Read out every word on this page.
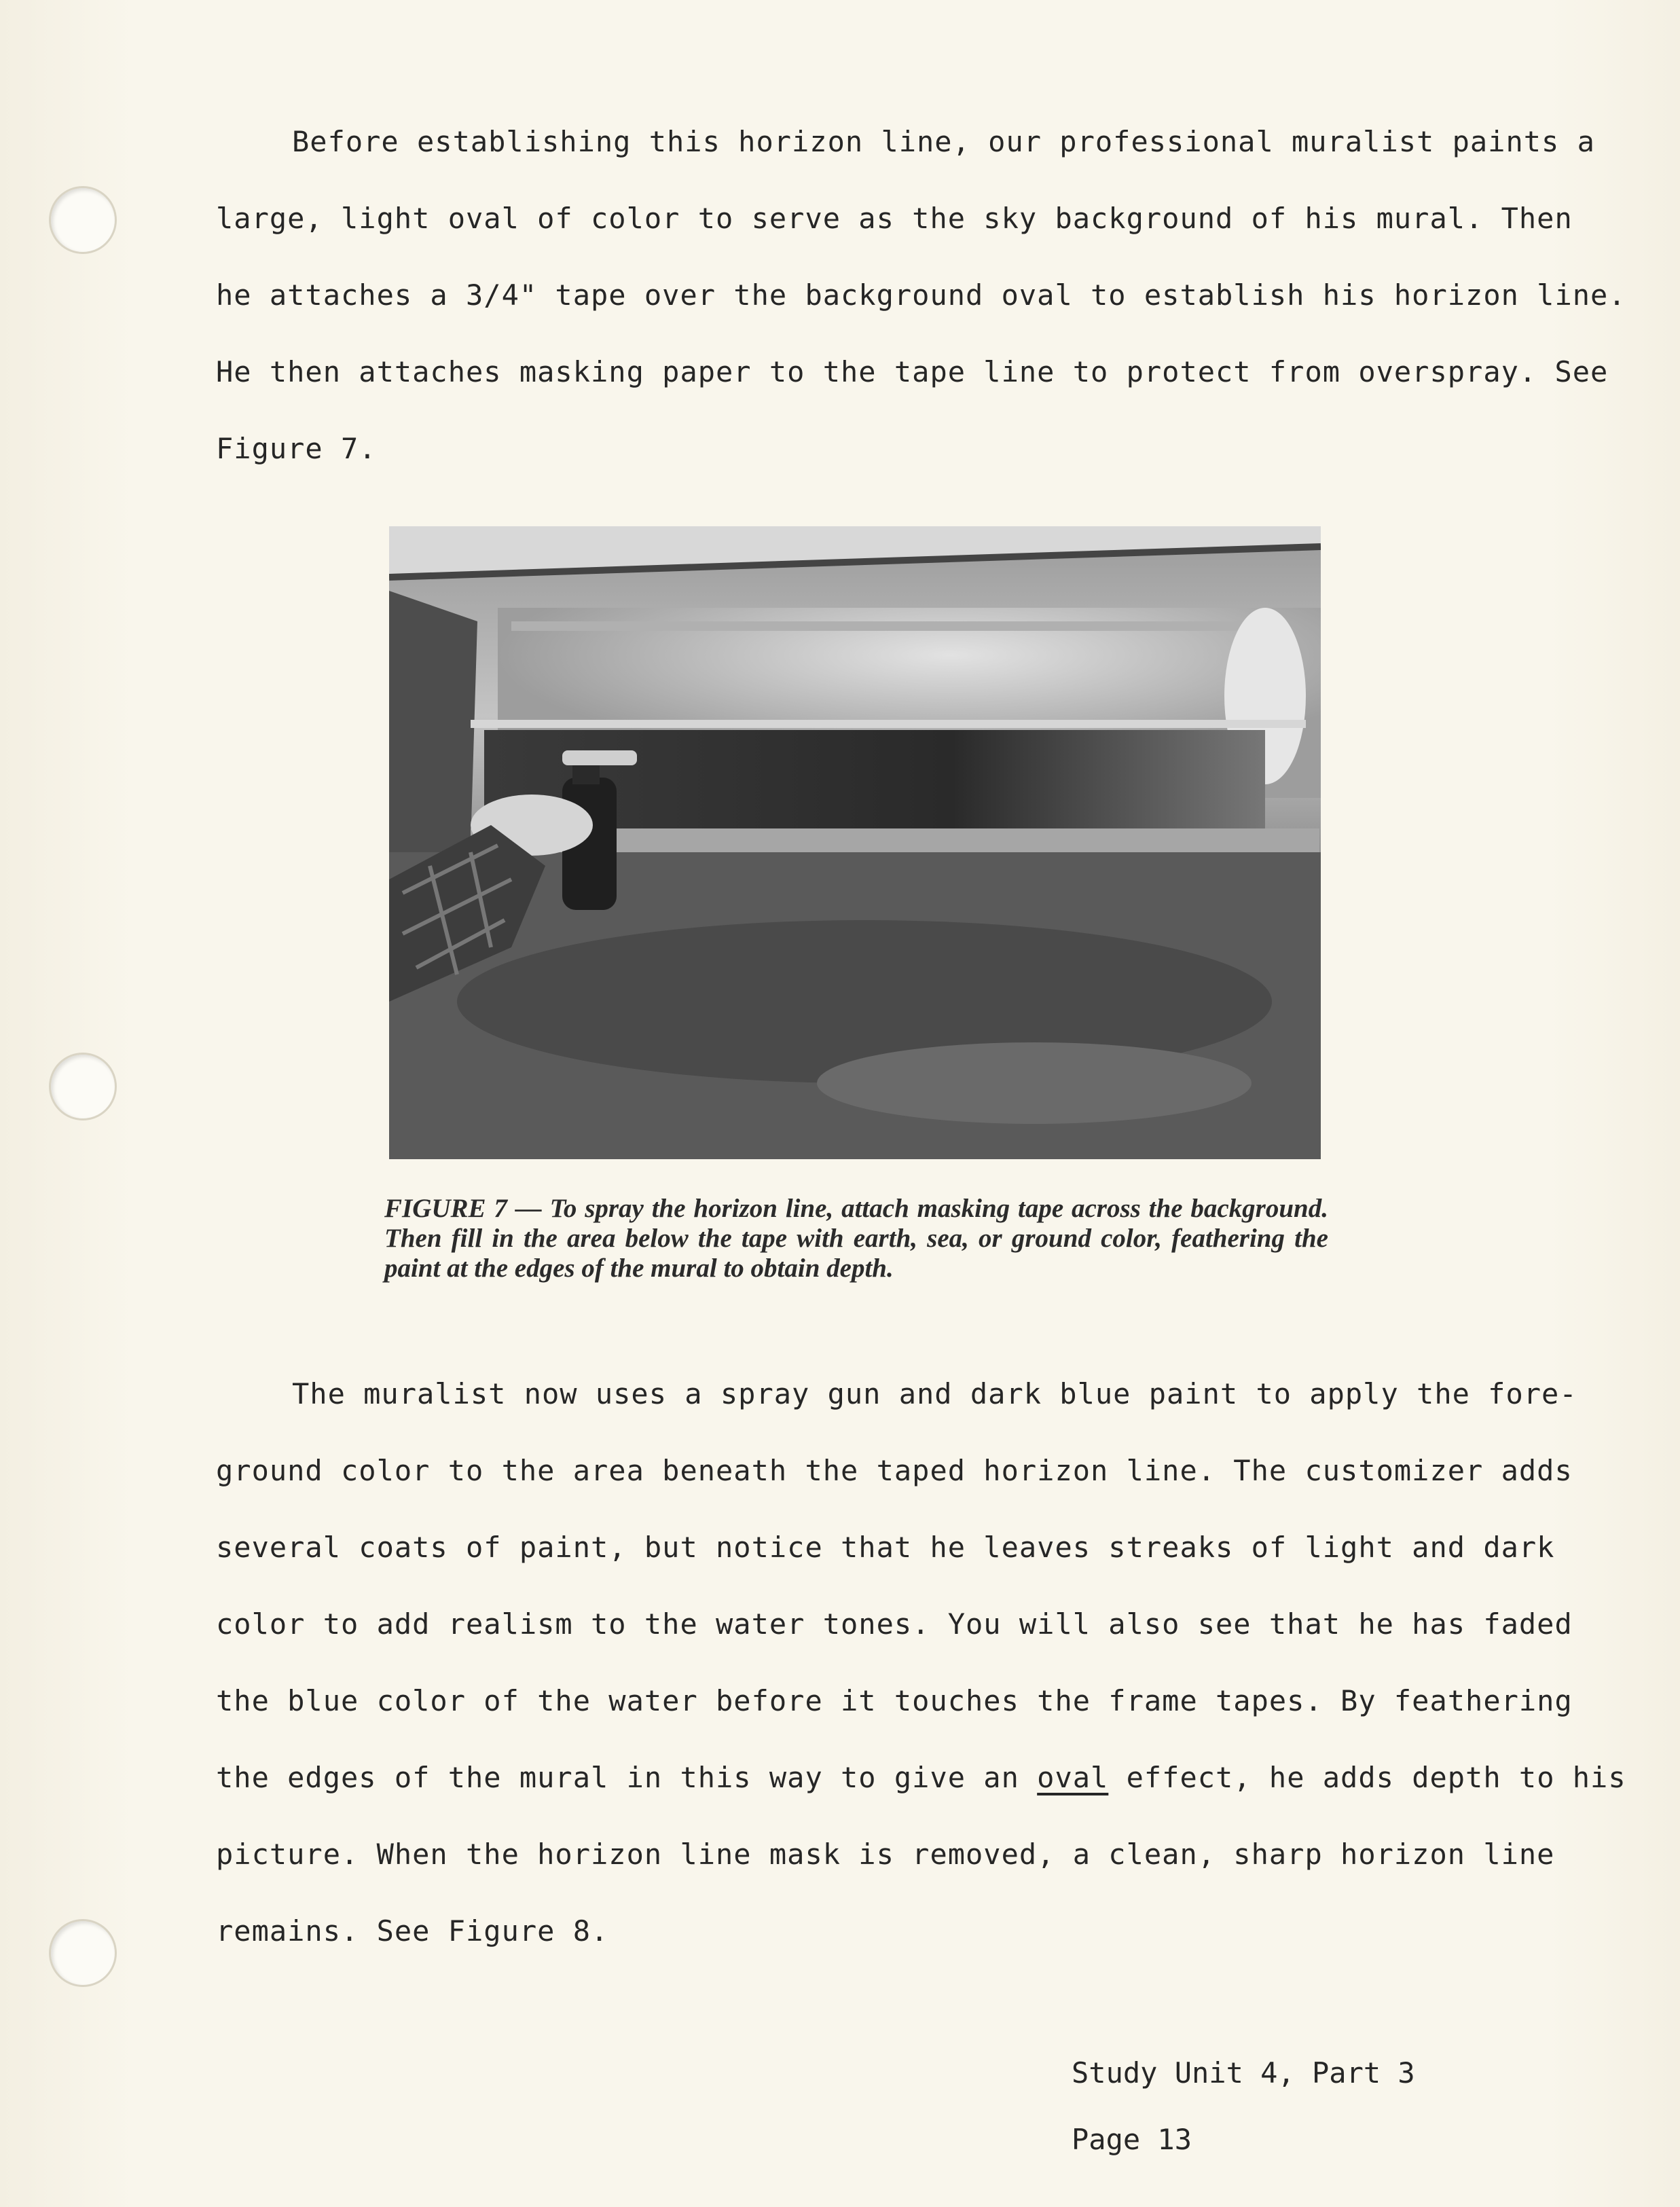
Before establishing this horizon line, our professional muralist paints a
large, light oval of color to serve as the sky background of his mural. Then
he attaches a 3/4" tape over the background oval to establish his horizon line.
He then attaches masking paper to the tape line to protect from overspray. See
Figure 7.
FIGURE 7 — To spray the horizon line, attach masking tape across the background. Then fill in the area below the tape with earth, sea, or ground color, feathering the paint at the edges of the mural to obtain depth.
The muralist now uses a spray gun and dark blue paint to apply the fore-
ground color to the area beneath the taped horizon line. The customizer adds
several coats of paint, but notice that he leaves streaks of light and dark
color to add realism to the water tones. You will also see that he has faded
the blue color of the water before it touches the frame tapes. By feathering
the edges of the mural in this way to give an oval effect, he adds depth to his
picture. When the horizon line mask is removed, a clean, sharp horizon line
remains. See Figure 8.
Study Unit 4, Part 3
Page 13
